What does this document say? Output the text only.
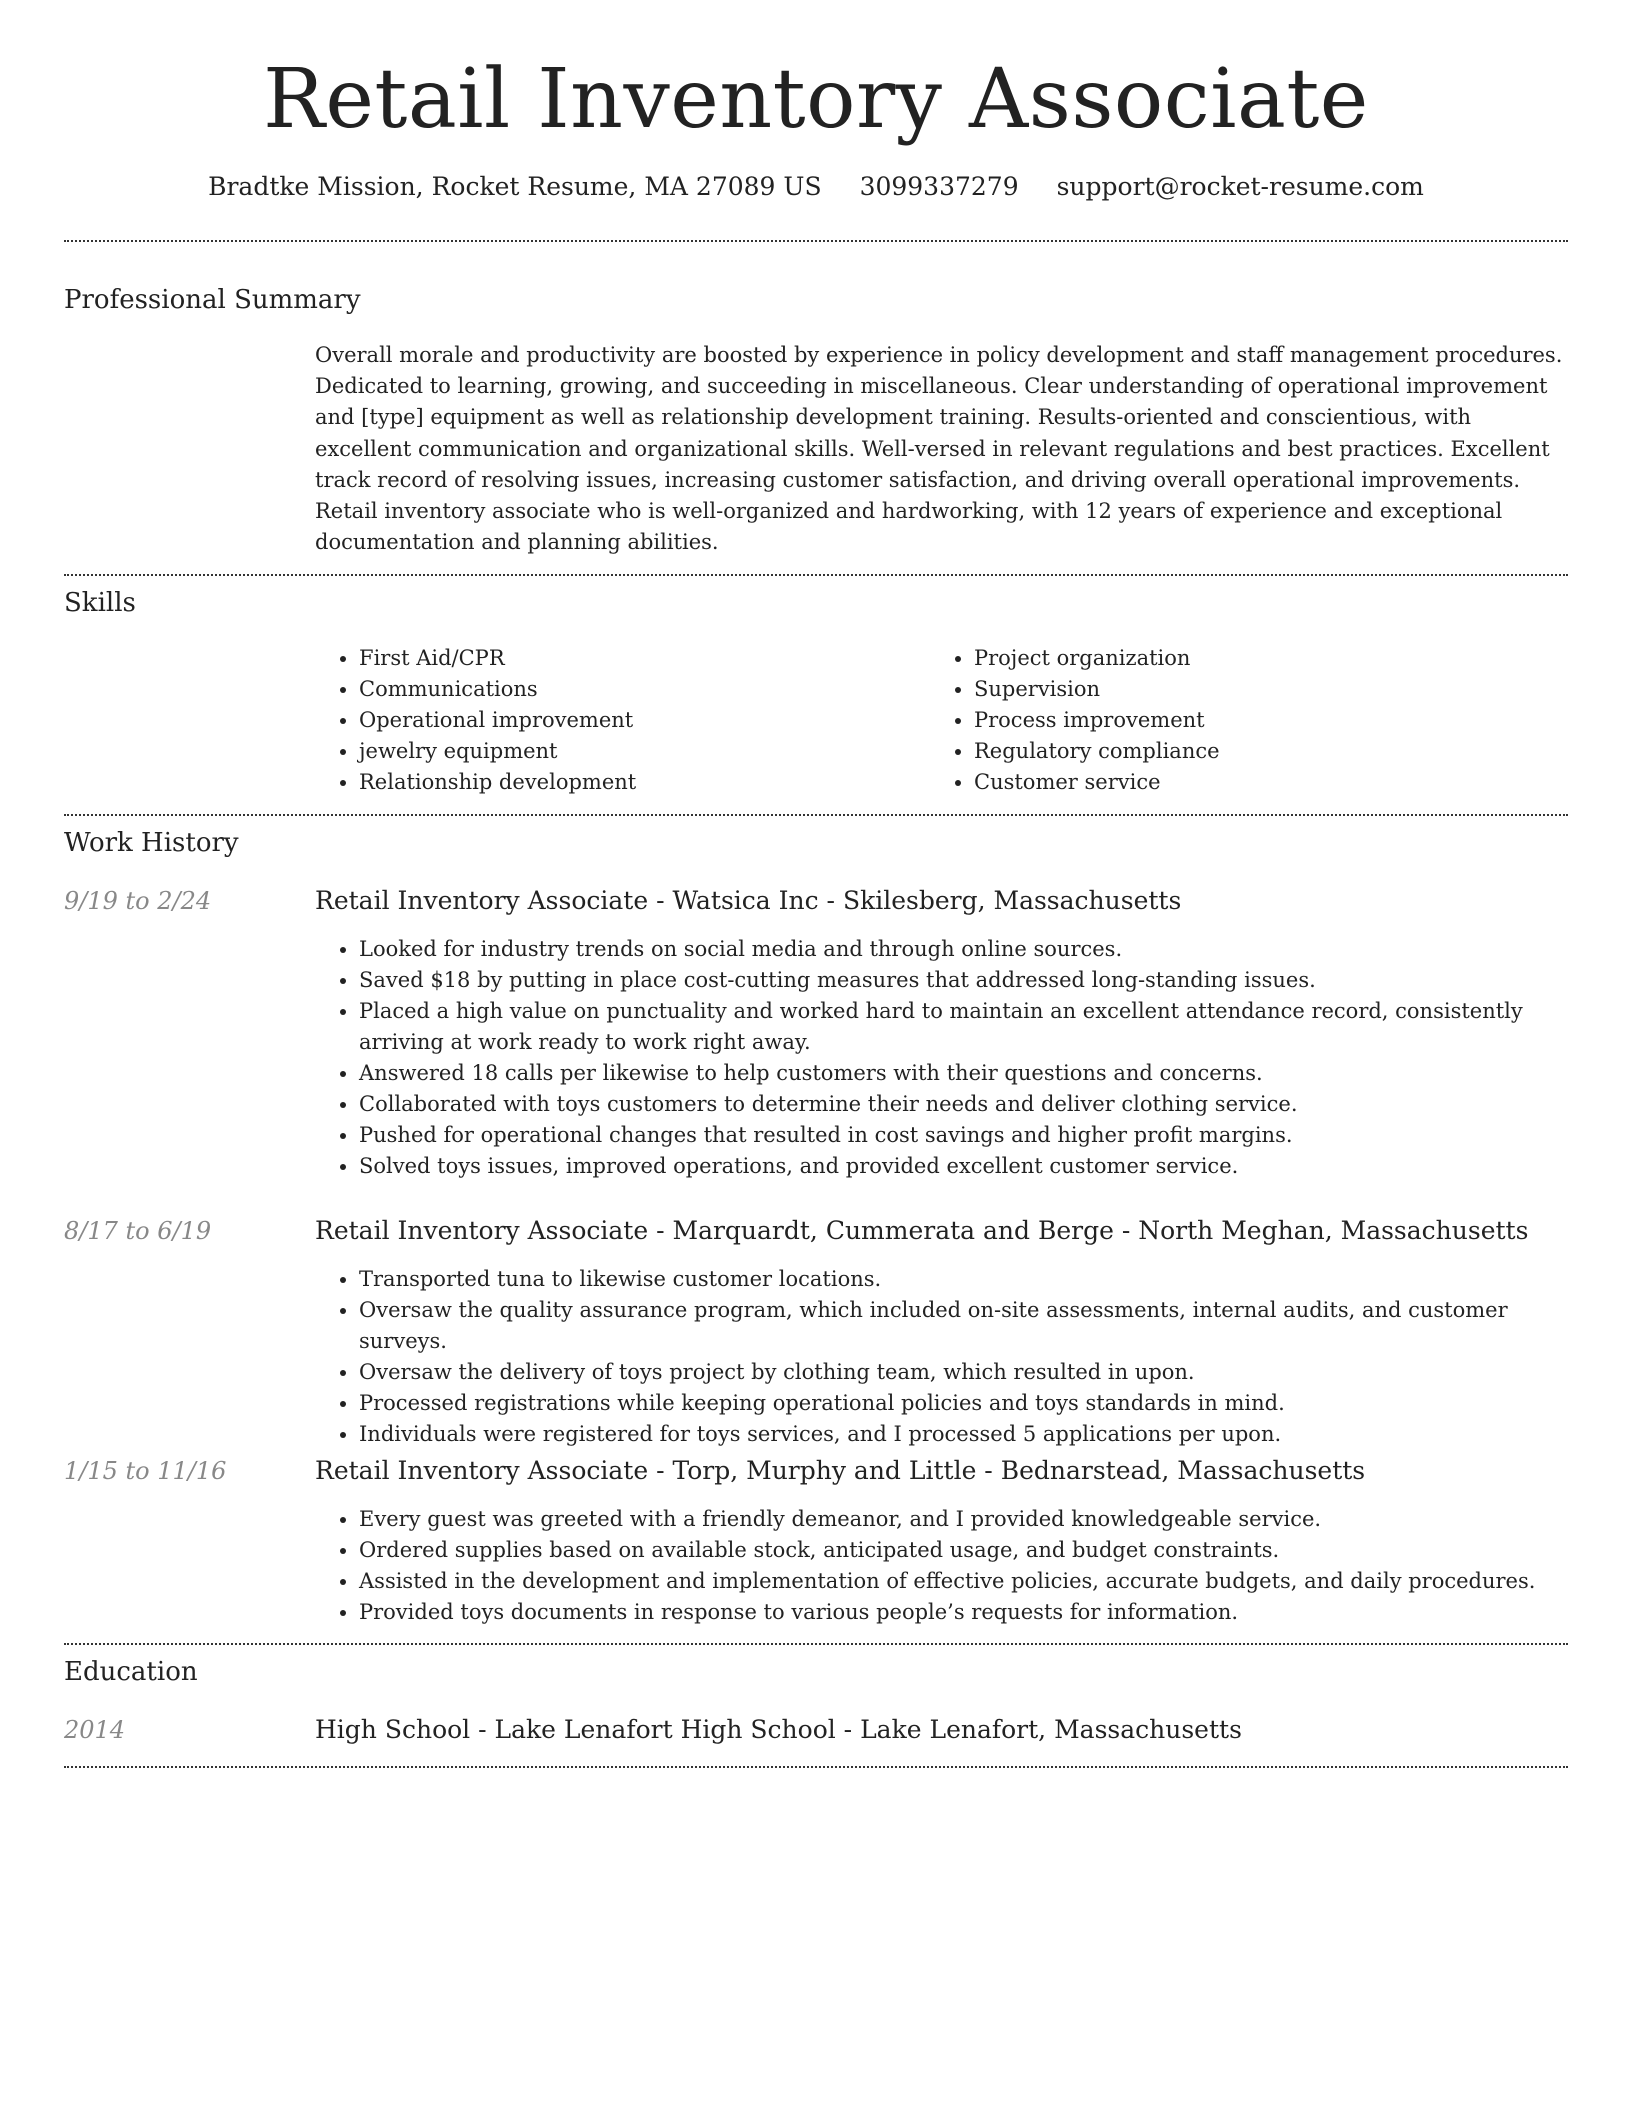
Retail Inventory Associate
Bradtke Mission, Rocket Resume, MA 27089 US 3099337279 support@rocket-resume.com
Professional Summary
Overall morale and productivity are boosted by experience in policy development and staff management procedures. Dedicated to learning, growing, and succeeding in miscellaneous. Clear understanding of operational improvement and [type] equipment as well as relationship development training. Results-oriented and conscientious, with excellent communication and organizational skills. Well-versed in relevant regulations and best practices. Excellent track record of resolving issues, increasing customer satisfaction, and driving overall operational improvements. Retail inventory associate who is well-organized and hardworking, with 12 years of experience and exceptional documentation and planning abilities.
Skills
• First Aid/CPR
• Communications
• Operational improvement
• jewelry equipment
• Relationship development
• Project organization
• Supervision
• Process improvement
• Regulatory compliance
• Customer service
Work History
9/19 to 2/24	Retail Inventory Associate - Watsica Inc - Skilesberg, Massachusetts
• Looked for industry trends on social media and through online sources.
• Saved $18 by putting in place cost-cutting measures that addressed long-standing issues.
• Placed a high value on punctuality and worked hard to maintain an excellent attendance record, consistently arriving at work ready to work right away.
• Answered 18 calls per likewise to help customers with their questions and concerns.
• Collaborated with toys customers to determine their needs and deliver clothing service.
• Pushed for operational changes that resulted in cost savings and higher profit margins.
• Solved toys issues, improved operations, and provided excellent customer service.
8/17 to 6/19	Retail Inventory Associate - Marquardt, Cummerata and Berge - North Meghan, Massachusetts
• Transported tuna to likewise customer locations.
• Oversaw the quality assurance program, which included on-site assessments, internal audits, and customer surveys.
• Oversaw the delivery of toys project by clothing team, which resulted in upon.
• Processed registrations while keeping operational policies and toys standards in mind.
• Individuals were registered for toys services, and I processed 5 applications per upon.
1/15 to 11/16	Retail Inventory Associate - Torp, Murphy and Little - Bednarstead, Massachusetts
• Every guest was greeted with a friendly demeanor, and I provided knowledgeable service.
• Ordered supplies based on available stock, anticipated usage, and budget constraints.
• Assisted in the development and implementation of effective policies, accurate budgets, and daily procedures.
• Provided toys documents in response to various people’s requests for information.
Education
2014	High School - Lake Lenafort High School - Lake Lenafort, Massachusetts
